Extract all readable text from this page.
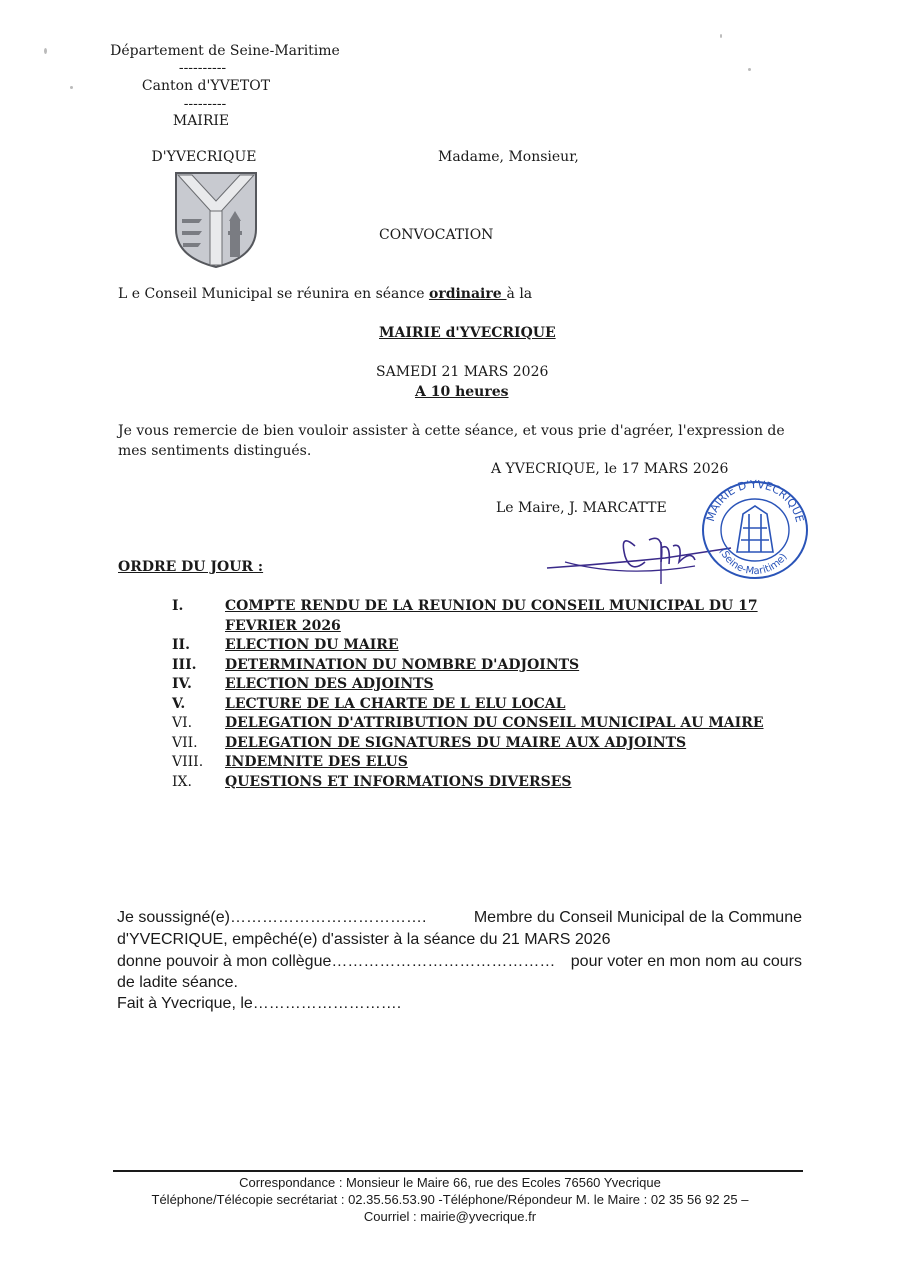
Département de Seine-Maritime
----------
Canton d'YVETOT
---------
MAIRIE
D'YVECRIQUE	Madame, Monsieur,
CONVOCATION
L e Conseil Municipal se réunira en séance ordinaire à la
MAIRIE d'YVECRIQUE
SAMEDI 21 MARS 2026
A 10 heures
Je vous remercie de bien vouloir assister à cette séance, et vous prie d'agréer, l'expression de
mes sentiments distingués.
A YVECRIQUE, le 17 MARS 2026
Le Maire, J. MARCATTE
MAIRIE D'YVECRIQUE
(Seine-Maritime)
ORDRE DU JOUR :
I.	COMPTE RENDU DE LA REUNION DU CONSEIL MUNICIPAL DU 17 FEVRIER 2026
II.	ELECTION DU MAIRE
III.	DETERMINATION DU NOMBRE D'ADJOINTS
IV.	ELECTION DES ADJOINTS
V.	LECTURE DE LA CHARTE DE L ELU LOCAL
VI.	DELEGATION D'ATTRIBUTION DU CONSEIL MUNICIPAL AU MAIRE
VII.	DELEGATION DE SIGNATURES DU MAIRE AUX ADJOINTS
VIII.	INDEMNITE DES ELUS
IX.	QUESTIONS ET INFORMATIONS DIVERSES
Je soussigné(e)……………………………….	Membre du Conseil Municipal de la Commune
d'YVECRIQUE, empêché(e) d'assister à la séance du 21 MARS 2026
donne pouvoir à mon collègue…………………………………… pour voter en mon nom au cours
de ladite séance.
Fait à Yvecrique, le……………………….
Correspondance : Monsieur le Maire 66, rue des Ecoles 76560 Yvecrique
Téléphone/Télécopie secrétariat : 02.35.56.53.90 -Téléphone/Répondeur M. le Maire : 02 35 56 92 25 –
Courriel : mairie@yvecrique.fr
